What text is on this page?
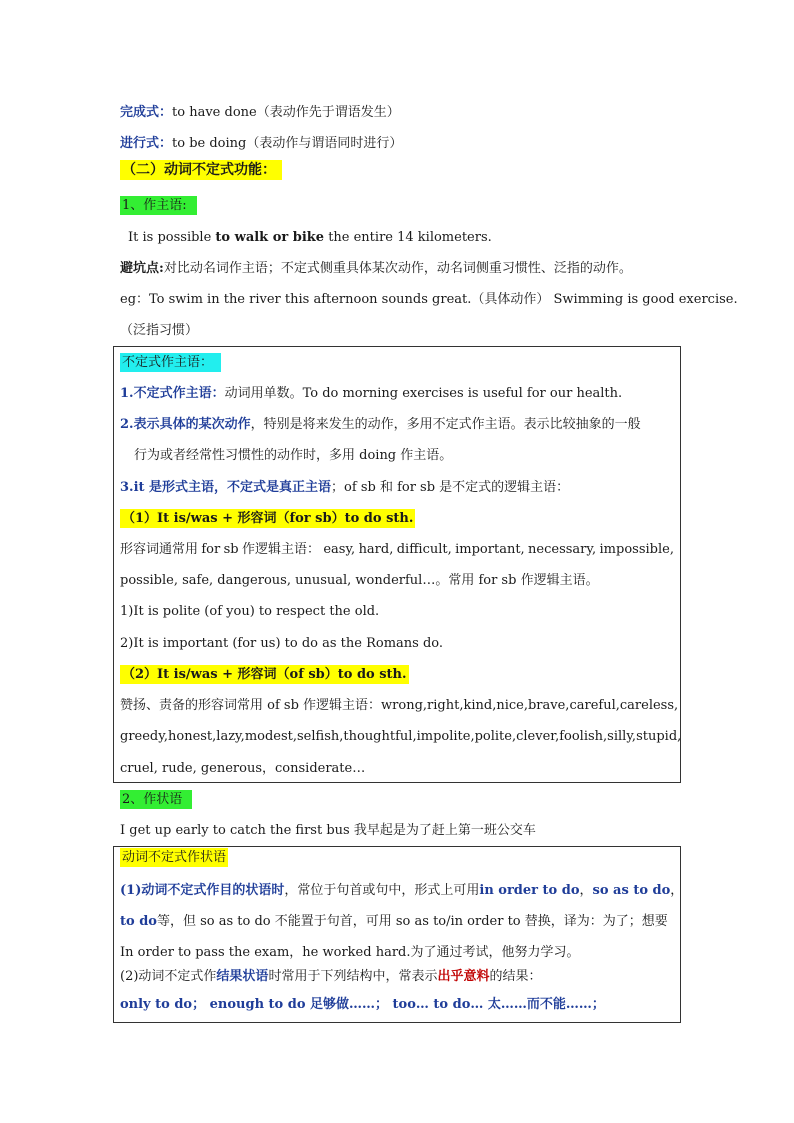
完成式：to have done（表动作先于谓语发生）
进行式：to be doing（表动作与谓语同时进行）
（二）动词不定式功能：
1、作主语:
It is possible to walk or bike the entire 14 kilometers.
避坑点:对比动名词作主语；不定式侧重具体某次动作，动名词侧重习惯性、泛指的动作。
eg：To swim in the river this afternoon sounds great.（具体动作） Swimming is good exercise.
（泛指习惯）
不定式作主语：
1.不定式作主语：动词用单数。To do morning exercises is useful for our health.
2.表示具体的某次动作，特别是将来发生的动作，多用不定式作主语。表示比较抽象的一般
行为或者经常性习惯性的动作时，多用 doing 作主语。
3.it 是形式主语，不定式是真正主语；of sb 和 for sb 是不定式的逻辑主语：
（1）It is/was + 形容词（for sb）to do sth.
形容词通常用 for sb 作逻辑主语： easy, hard, difficult, important, necessary, impossible,
possible, safe, dangerous, unusual, wonderful…。常用 for sb 作逻辑主语。
1)It is polite (of you) to respect the old.
2)It is important (for us) to do as the Romans do.
（2）It is/was + 形容词（of sb）to do sth.
赞扬、责备的形容词常用 of sb 作逻辑主语： wrong, right, kind, nice, brave, careful, careless,
greedy, honest, lazy, modest, selfish, thoughtful, impolite, polite, clever, foolish, silly, stupid,
cruel, rude, generous，considerate…
2、作状语
I get up early to catch the first bus 我早起是为了赶上第一班公交车
动词不定式作状语
(1)动词不定式作目的状语时，常位于句首或句中，形式上可用in order to do，so as to do，
to do等，但 so as to do 不能置于句首，可用 so as to/in order to 替换，译为：为了；想要
In order to pass the exam，he worked hard.为了通过考试，他努力学习。
(2)动词不定式作结果状语时常用于下列结构中，常表示出乎意料的结果：
only to do； enough to do 足够做……； too… to do… 太……而不能……；
